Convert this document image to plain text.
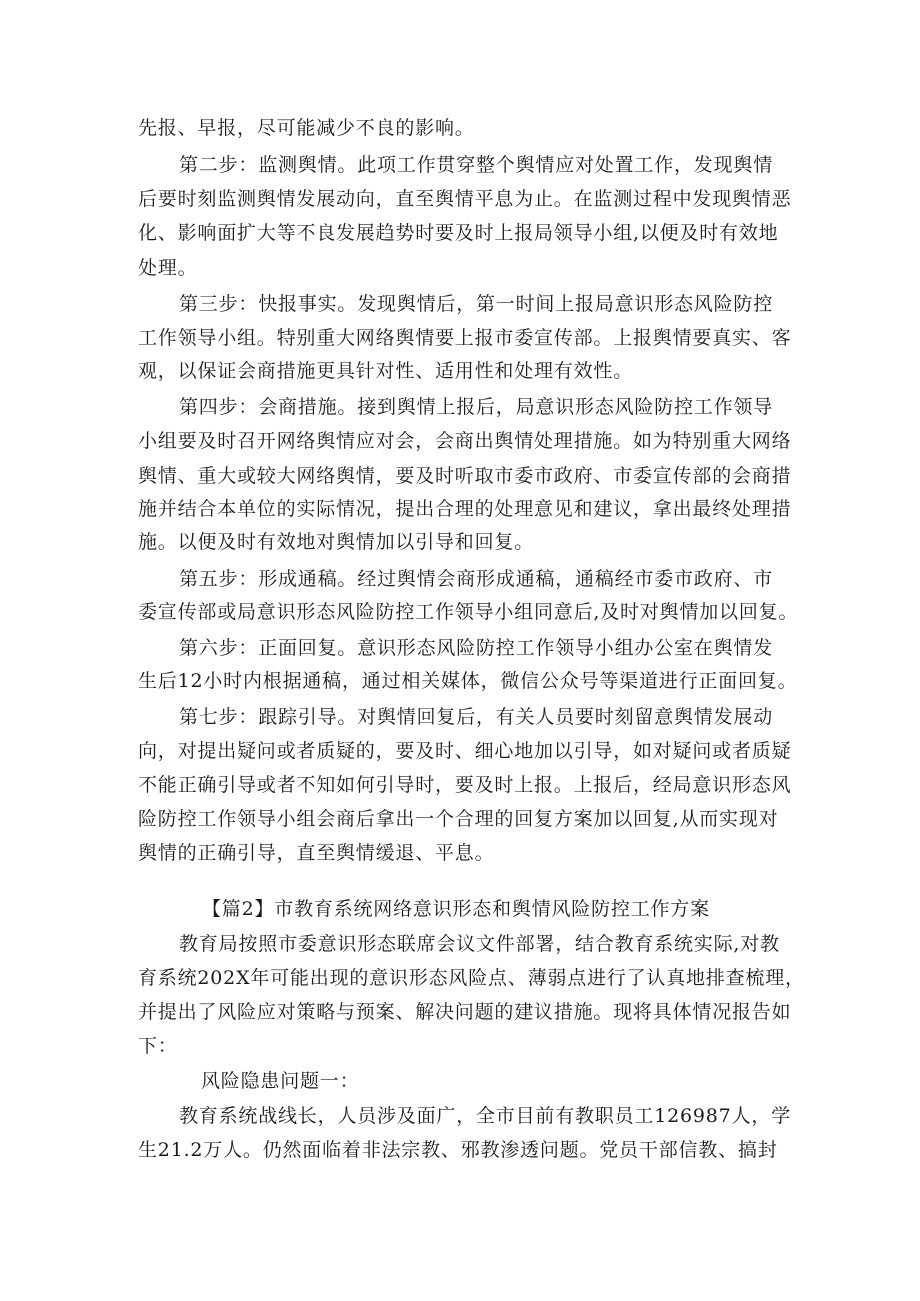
先报、早报，尽可能减少不良的影响。
第二步：监测舆情。此项工作贯穿整个舆情应对处置工作，发现舆情
后要时刻监测舆情发展动向，直至舆情平息为止。在监测过程中发现舆情恶
化、影响面扩大等不良发展趋势时要及时上报局领导小组,以便及时有效地
处理。
第三步：快报事实。发现舆情后，第一时间上报局意识形态风险防控
工作领导小组。特别重大网络舆情要上报市委宣传部。上报舆情要真实、客
观，以保证会商措施更具针对性、适用性和处理有效性。
第四步：会商措施。接到舆情上报后，局意识形态风险防控工作领导
小组要及时召开网络舆情应对会，会商出舆情处理措施。如为特别重大网络
舆情、重大或较大网络舆情，要及时听取市委市政府、市委宣传部的会商措
施并结合本单位的实际情况，提出合理的处理意见和建议，拿出最终处理措
施。以便及时有效地对舆情加以引导和回复。
第五步：形成通稿。经过舆情会商形成通稿，通稿经市委市政府、市
委宣传部或局意识形态风险防控工作领导小组同意后,及时对舆情加以回复。
第六步：正面回复。意识形态风险防控工作领导小组办公室在舆情发
生后12小时内根据通稿，通过相关媒体，微信公众号等渠道进行正面回复。
第七步：跟踪引导。对舆情回复后，有关人员要时刻留意舆情发展动
向，对提出疑问或者质疑的，要及时、细心地加以引导，如对疑问或者质疑
不能正确引导或者不知如何引导时，要及时上报。上报后，经局意识形态风
险防控工作领导小组会商后拿出一个合理的回复方案加以回复,从而实现对
舆情的正确引导，直至舆情缓退、平息。
【篇2】市教育系统网络意识形态和舆情风险防控工作方案
教育局按照市委意识形态联席会议文件部署，结合教育系统实际,对教
育系统202X年可能出现的意识形态风险点、薄弱点进行了认真地排查梳理，
并提出了风险应对策略与预案、解决问题的建议措施。现将具体情况报告如
下：
风险隐患问题一：
教育系统战线长，人员涉及面广，全市目前有教职员工126987人，学
生21.2万人。仍然面临着非法宗教、邪教渗透问题。党员干部信教、搞封
